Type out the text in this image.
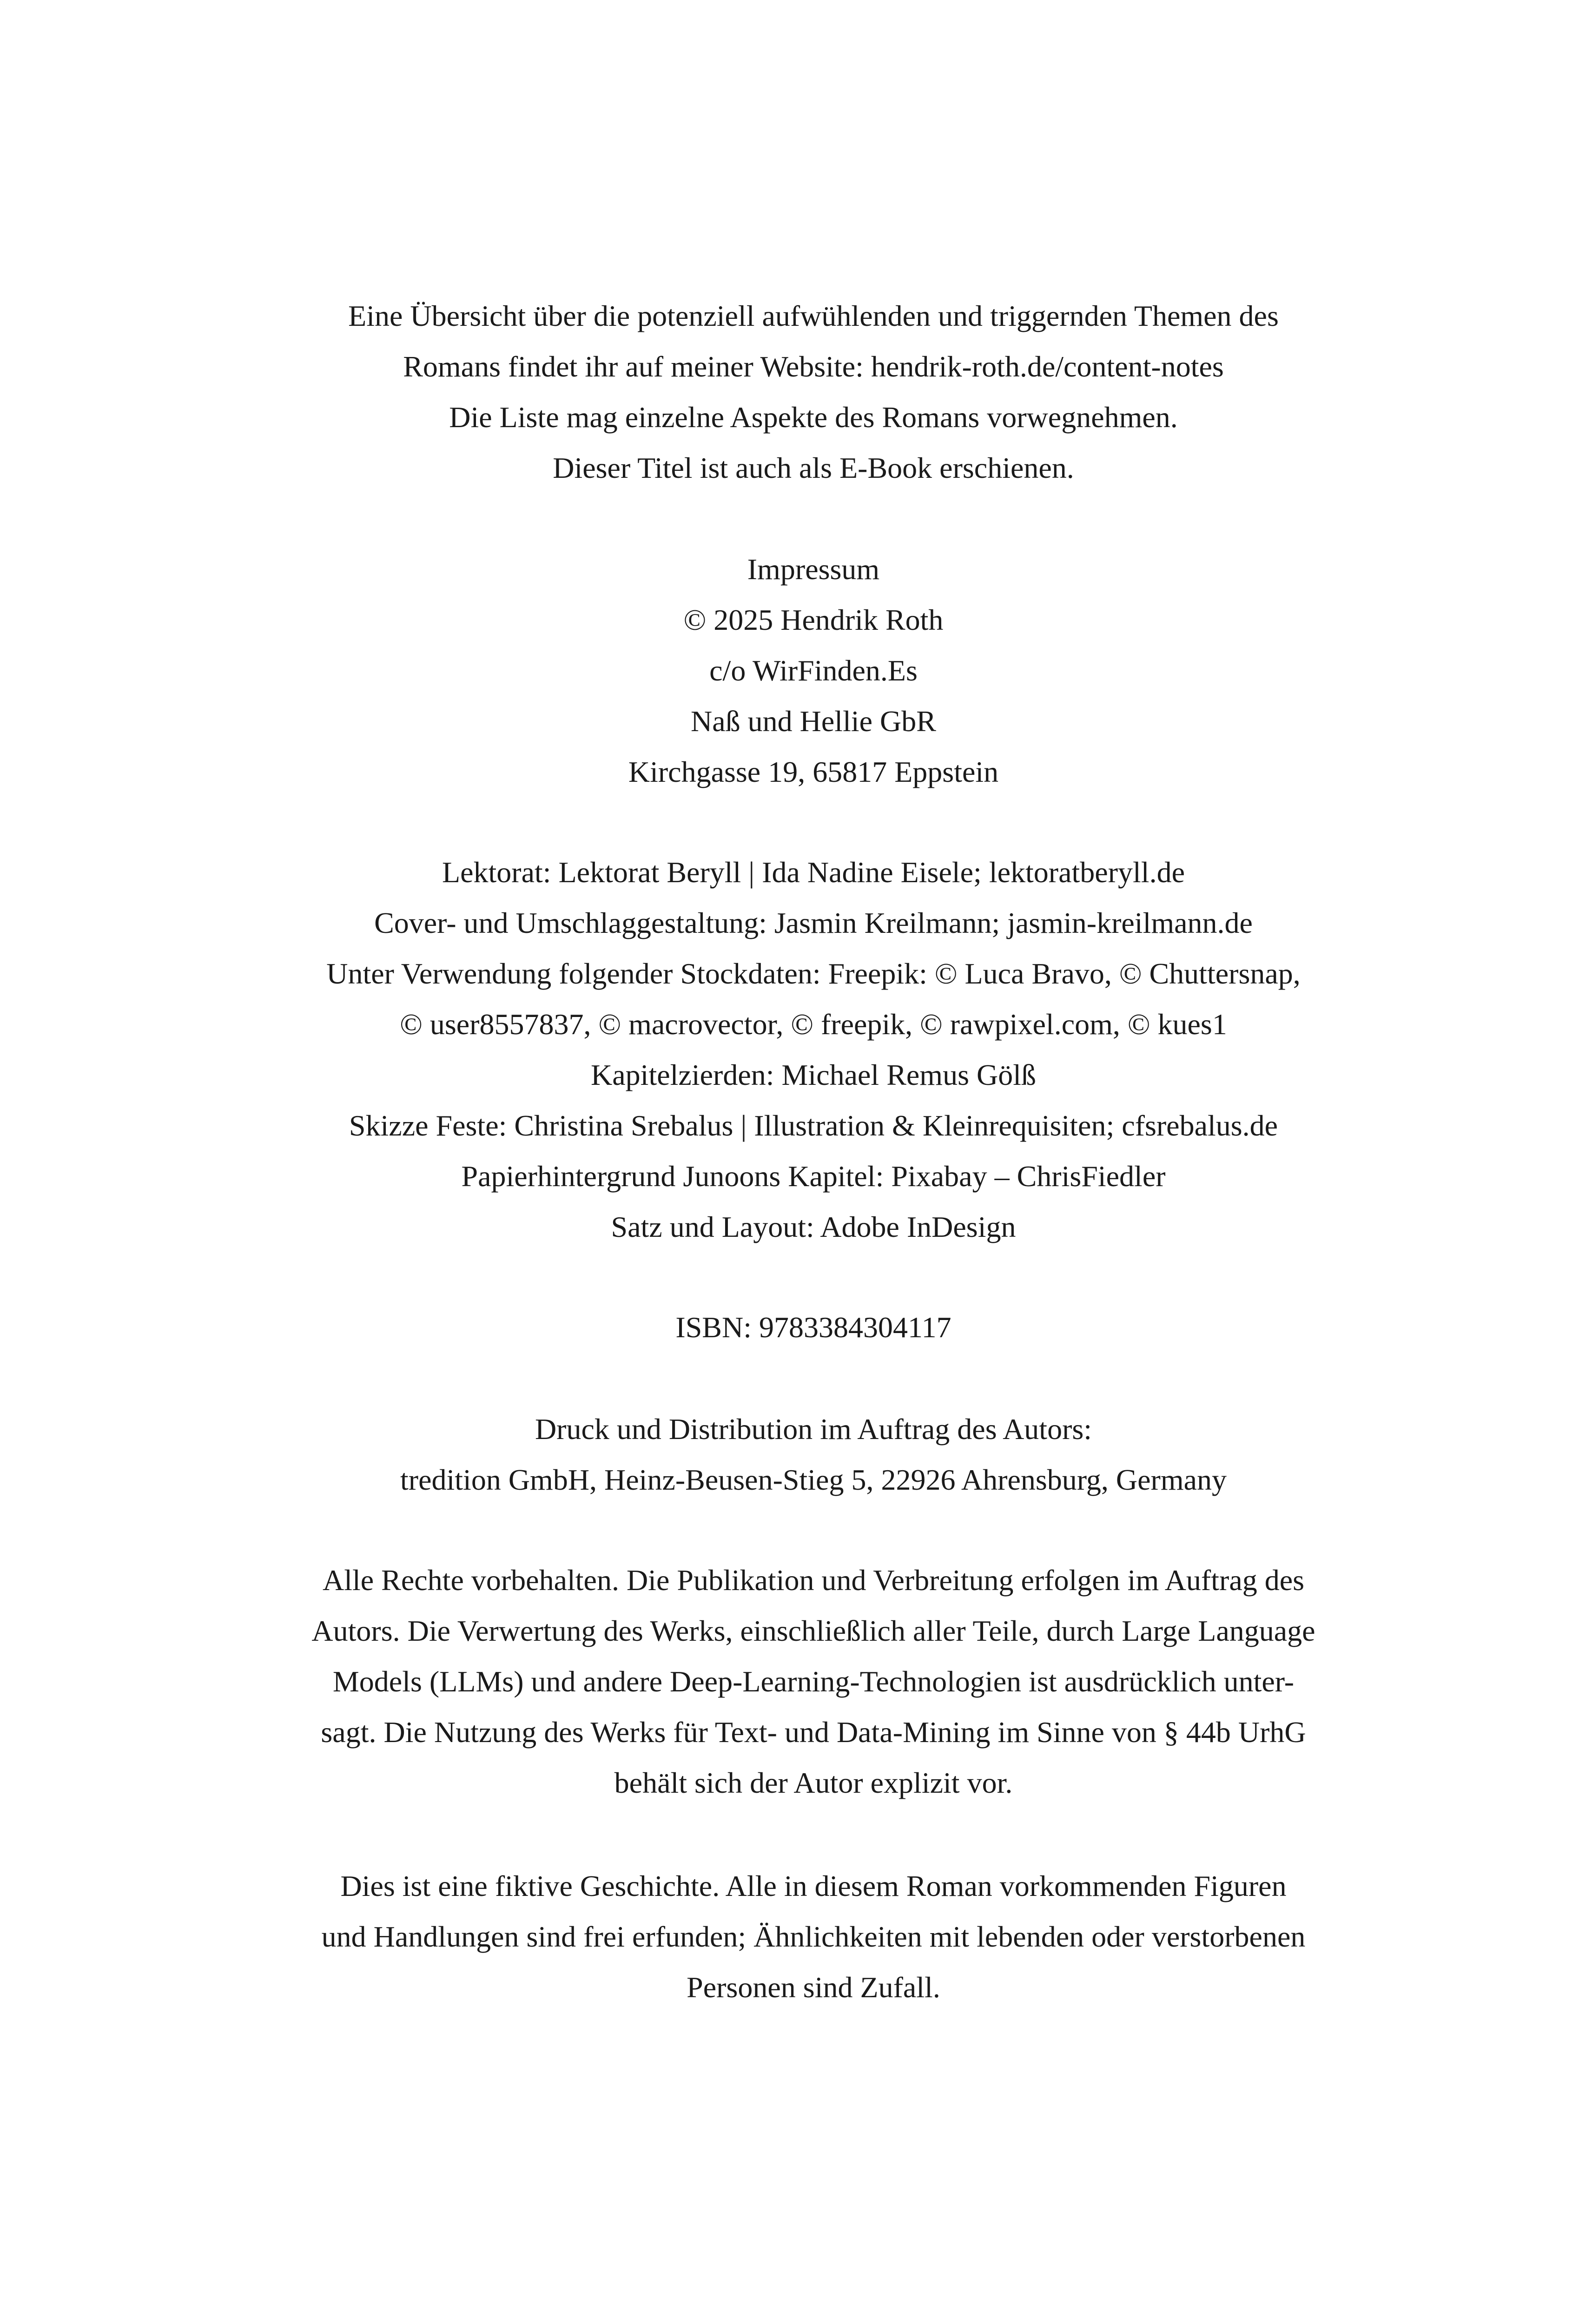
Eine Übersicht über die potenziell aufwühlenden und triggernden Themen des
Romans findet ihr auf meiner Website: hendrik-roth.de/content-notes
Die Liste mag einzelne Aspekte des Romans vorwegnehmen.
Dieser Titel ist auch als E-Book erschienen.
Impressum
© 2025 Hendrik Roth
c/o WirFinden.Es
Naß und Hellie GbR
Kirchgasse 19, 65817 Eppstein
Lektorat: Lektorat Beryll | Ida Nadine Eisele; lektoratberyll.de
Cover- und Umschlaggestaltung: Jasmin Kreilmann; jasmin-kreilmann.de
Unter Verwendung folgender Stockdaten: Freepik: © Luca Bravo, © Chuttersnap,
© user8557837, © macrovector, © freepik, © rawpixel.com, © kues1
Kapitelzierden: Michael Remus Gölß
Skizze Feste: Christina Srebalus | Illustration & Kleinrequisiten; cfsrebalus.de
Papierhintergrund Junoons Kapitel: Pixabay – ChrisFiedler
Satz und Layout: Adobe InDesign
ISBN: 9783384304117
Druck und Distribution im Auftrag des Autors:
tredition GmbH, Heinz-Beusen-Stieg 5, 22926 Ahrensburg, Germany
Alle Rechte vorbehalten. Die Publikation und Verbreitung erfolgen im Auftrag des
Autors. Die Verwertung des Werks, einschließlich aller Teile, durch Large Language
Models (LLMs) und andere Deep-Learning-Technologien ist ausdrücklich unter-
sagt. Die Nutzung des Werks für Text- und Data-Mining im Sinne von § 44b UrhG
behält sich der Autor explizit vor.
Dies ist eine fiktive Geschichte. Alle in diesem Roman vorkommenden Figuren
und Handlungen sind frei erfunden; Ähnlichkeiten mit lebenden oder verstorbenen
Personen sind Zufall.
